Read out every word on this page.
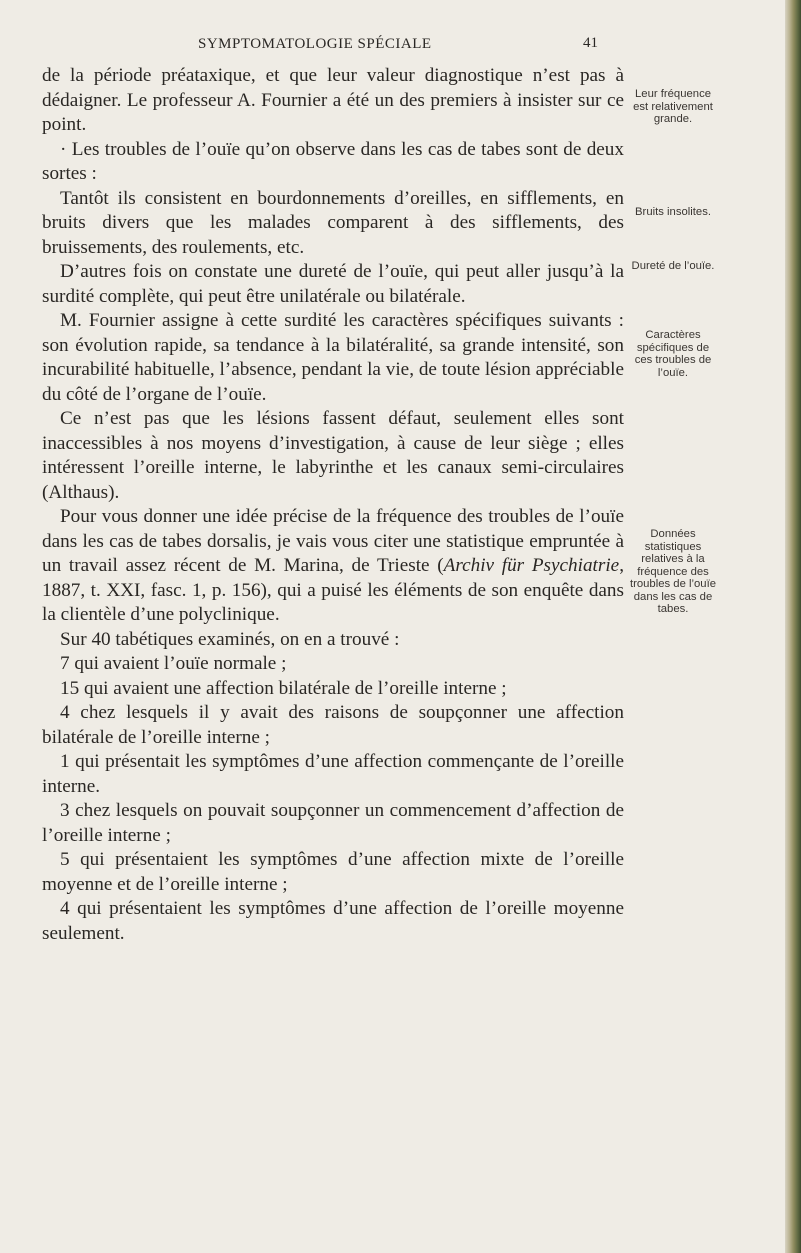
SYMPTOMATOLOGIE SPÉCIALE	41

de la période préataxique, et que leur valeur diagnostique n’est pas à dédaigner. Le professeur A. Fournier a été un des premiers à insister sur ce point.

· Les troubles de l’ouïe qu’on observe dans les cas de tabes sont de deux sortes :

Tantôt ils consistent en bourdonnements d’oreilles, en sifflements, en bruits divers que les malades comparent à des sifflements, des bruissements, des roulements, etc.

D’autres fois on constate une dureté de l’ouïe, qui peut aller jusqu’à la surdité complète, qui peut être unilatérale ou bilatérale.

M. Fournier assigne à cette surdité les caractères spécifiques suivants : son évolution rapide, sa tendance à la bilatéralité, sa grande intensité, son incurabilité habituelle, l’absence, pendant la vie, de toute lésion appréciable du côté de l’organe de l’ouïe.

Ce n’est pas que les lésions fassent défaut, seulement elles sont inaccessibles à nos moyens d’investigation, à cause de leur siège ; elles intéressent l’oreille interne, le labyrinthe et les canaux semi-circulaires (Althaus).

Pour vous donner une idée précise de la fréquence des troubles de l’ouïe dans les cas de tabes dorsalis, je vais vous citer une statistique empruntée à un travail assez récent de M. Marina, de Trieste (Archiv für Psychiatrie, 1887, t. XXI, fasc. 1, p. 156), qui a puisé les éléments de son enquête dans la clientèle d’une polyclinique.

Sur 40 tabétiques examinés, on en a trouvé :

7 qui avaient l’ouïe normale ;

15 qui avaient une affection bilatérale de l’oreille interne ;

4 chez lesquels il y avait des raisons de soupçonner une affection bilatérale de l’oreille interne ;

1 qui présentait les symptômes d’une affection commençante de l’oreille interne.

3 chez lesquels on pouvait soupçonner un commencement d’affection de l’oreille interne ;

5 qui présentaient les symptômes d’une affection mixte de l’oreille moyenne et de l’oreille interne ;

4 qui présentaient les symptômes d’une affection de l’oreille moyenne seulement.

Leur fréquence est relativement grande.
Bruits insolites.
Dureté de l’ouïe.
Caractères spécifiques de ces troubles de l’ouïe.
Données statistiques relatives à la fréquence des troubles de l’ouïe dans les cas de tabes.
